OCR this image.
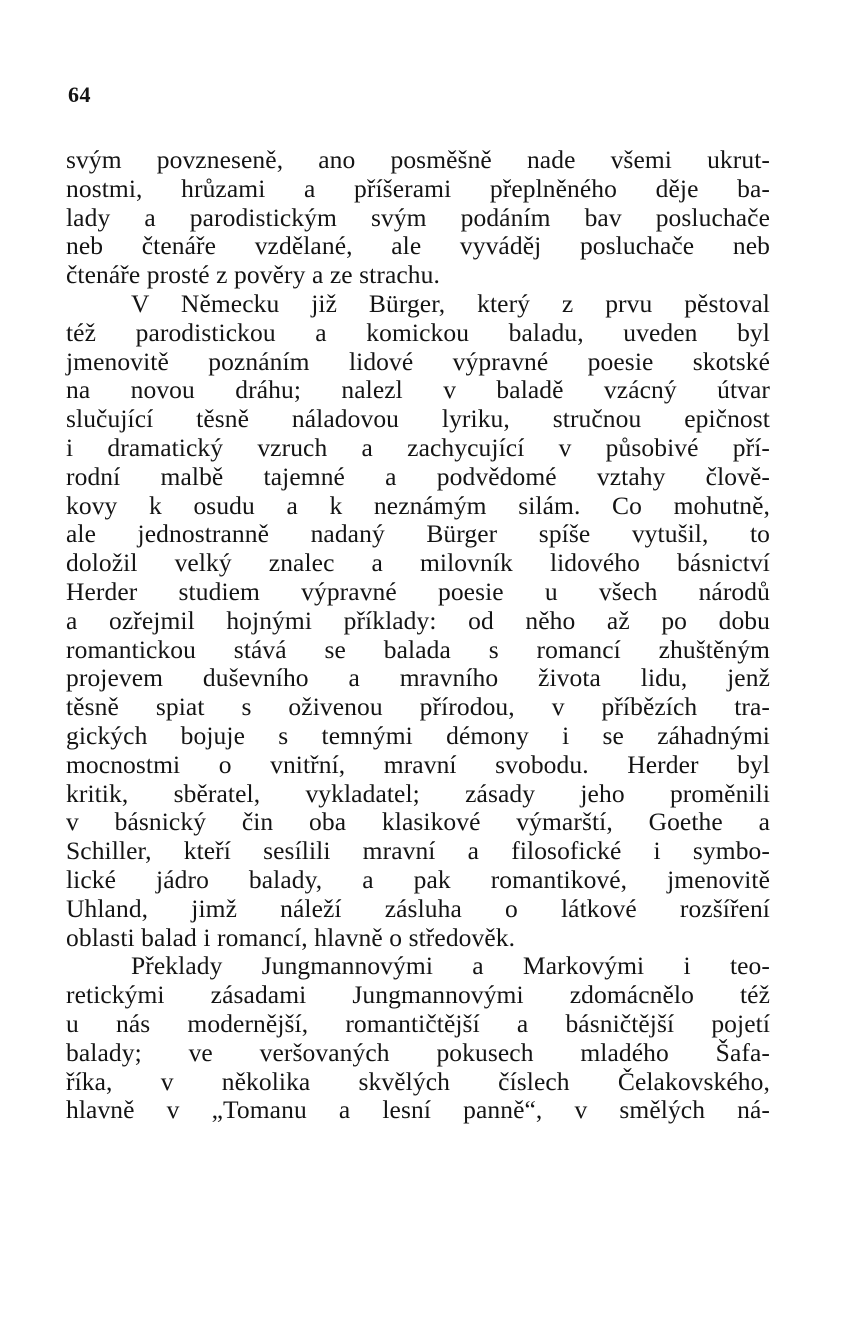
64
svým povzneseně, ano posměšně nade všemi ukrut-
nostmi, hrůzami a příšerami přeplněného děje ba-
lady a parodistickým svým podáním bav posluchače
neb čtenáře vzdělané, ale vyváděj posluchače neb
čtenáře prosté z pověry a ze strachu.
V Německu již Bürger, který z prvu pěstoval
též parodistickou a komickou baladu, uveden byl
jmenovitě poznáním lidové výpravné poesie skotské
na novou dráhu; nalezl v baladě vzácný útvar
slučující těsně náladovou lyriku, stručnou epičnost
i dramatický vzruch a zachycující v působivé pří-
rodní malbě tajemné a podvědomé vztahy člově-
kovy k osudu a k neznámým silám. Co mohutně,
ale jednostranně nadaný Bürger spíše vytušil, to
doložil velký znalec a milovník lidového básnictví
Herder studiem výpravné poesie u všech národů
a ozřejmil hojnými příklady: od něho až po dobu
romantickou stává se balada s romancí zhuštěným
projevem duševního a mravního života lidu, jenž
těsně spiat s oživenou přírodou, v příbězích tra-
gických bojuje s temnými démony i se záhadnými
mocnostmi o vnitřní, mravní svobodu. Herder byl
kritik, sběratel, vykladatel; zásady jeho proměnili
v básnický čin oba klasikové výmarští, Goethe a
Schiller, kteří sesílili mravní a filosofické i symbo-
lické jádro balady, a pak romantikové, jmenovitě
Uhland, jimž náleží zásluha o látkové rozšíření
oblasti balad i romancí, hlavně o středověk.
Překlady Jungmannovými a Markovými i teo-
retickými zásadami Jungmannovými zdomácnělo též
u nás modernější, romantičtější a básničtější pojetí
balady; ve veršovaných pokusech mladého Šafa-
říka, v několika skvělých číslech Čelakovského,
hlavně v „Tomanu a lesní panně“, v smělých ná-
